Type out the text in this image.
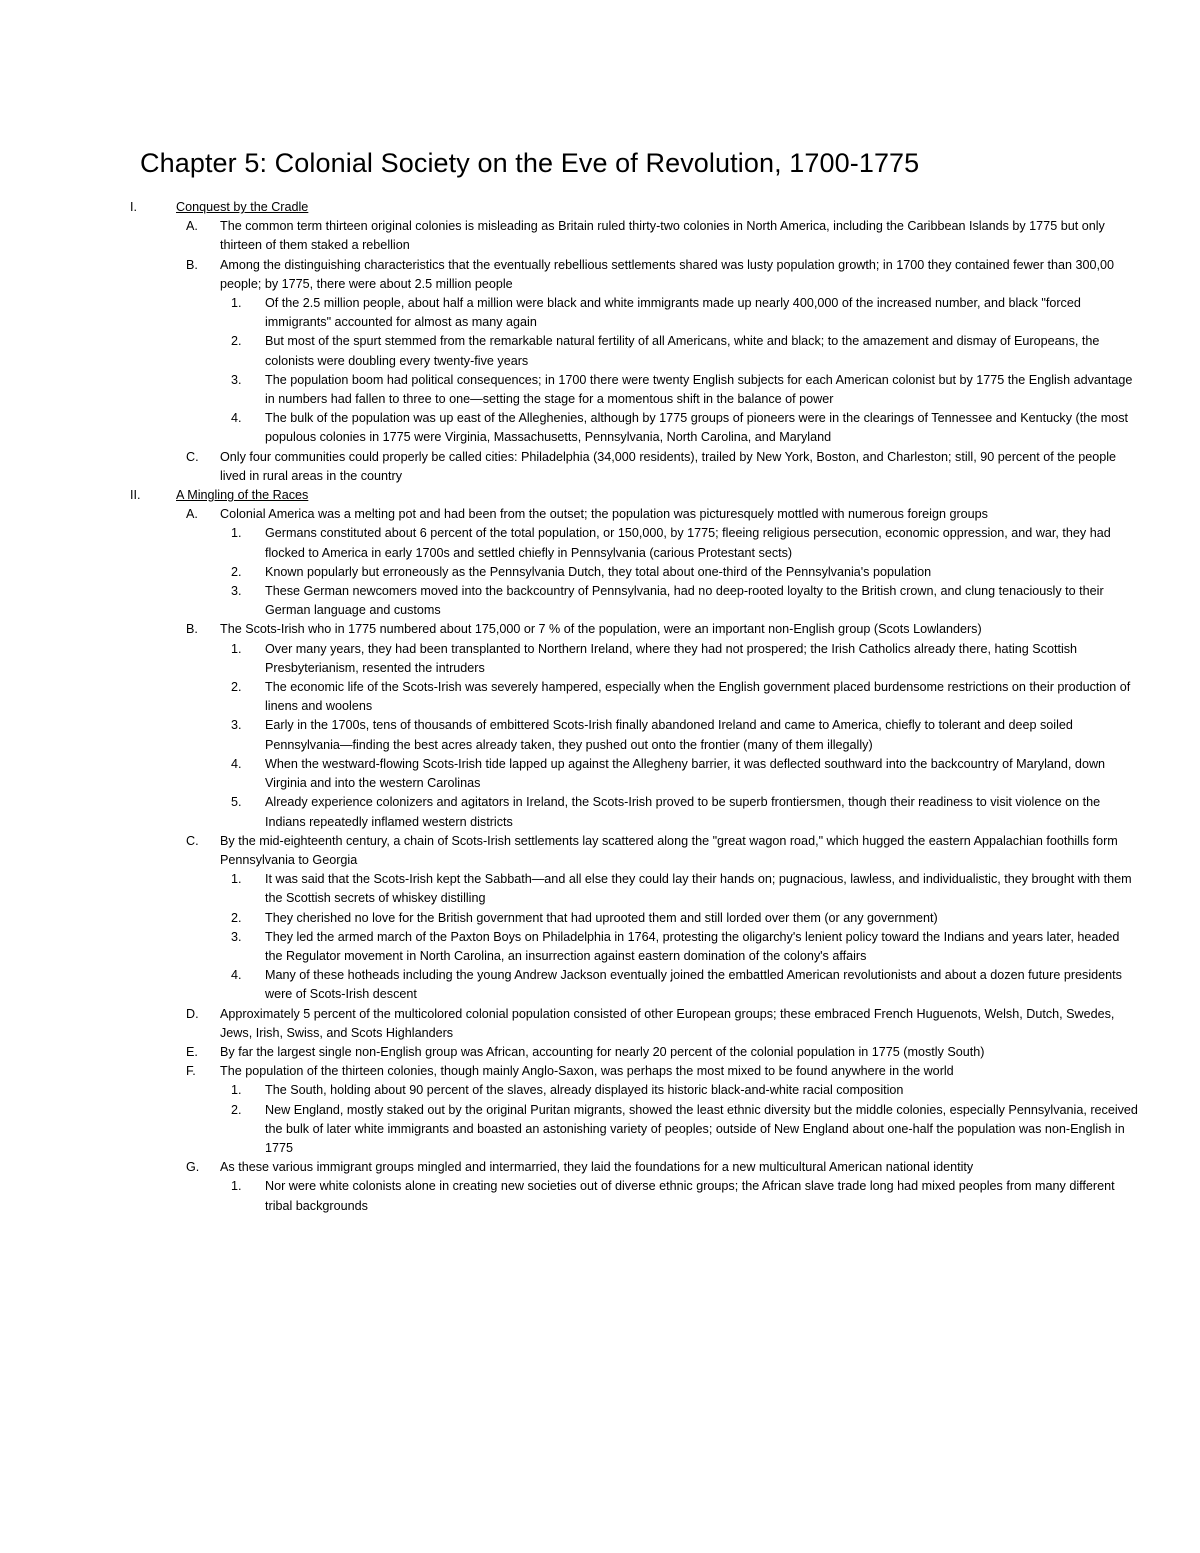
Chapter 5: Colonial Society on the Eve of Revolution, 1700-1775
I.	Conquest by the Cradle
A. The common term thirteen original colonies is misleading as Britain ruled thirty-two colonies in North America, including the Caribbean Islands by 1775 but only thirteen of them staked a rebellion
B. Among the distinguishing characteristics that the eventually rebellious settlements shared was lusty population growth; in 1700 they contained fewer than 300,00 people; by 1775, there were about 2.5 million people
1. Of the 2.5 million people, about half a million were black and white immigrants made up nearly 400,000 of the increased number, and black "forced immigrants" accounted for almost as many again
2. But most of the spurt stemmed from the remarkable natural fertility of all Americans, white and black; to the amazement and dismay of Europeans, the colonists were doubling every twenty-five years
3. The population boom had political consequences; in 1700 there were twenty English subjects for each American colonist but by 1775 the English advantage in numbers had fallen to three to one—setting the stage for a momentous shift in the balance of power
4. The bulk of the population was up east of the Alleghenies, although by 1775 groups of pioneers were in the clearings of Tennessee and Kentucky (the most populous colonies in 1775 were Virginia, Massachusetts, Pennsylvania, North Carolina, and Maryland
C. Only four communities could properly be called cities: Philadelphia (34,000 residents), trailed by New York, Boston, and Charleston; still, 90 percent of the people lived in rural areas in the country
II.	A Mingling of the Races
A. Colonial America was a melting pot and had been from the outset; the population was picturesquely mottled with numerous foreign groups
1. Germans constituted about 6 percent of the total population, or 150,000, by 1775; fleeing religious persecution, economic oppression, and war, they had flocked to America in early 1700s and settled chiefly in Pennsylvania (carious Protestant sects)
2. Known popularly but erroneously as the Pennsylvania Dutch, they total about one-third of the Pennsylvania's population
3. These German newcomers moved into the backcountry of Pennsylvania, had no deep-rooted loyalty to the British crown, and clung tenaciously to their German language and customs
B. The Scots-Irish who in 1775 numbered about 175,000 or 7 % of the population, were an important non-English group (Scots Lowlanders)
1. Over many years, they had been transplanted to Northern Ireland, where they had not prospered; the Irish Catholics already there, hating Scottish Presbyterianism, resented the intruders
2. The economic life of the Scots-Irish was severely hampered, especially when the English government placed burdensome restrictions on their production of linens and woolens
3. Early in the 1700s, tens of thousands of embittered Scots-Irish finally abandoned Ireland and came to America, chiefly to tolerant and deep soiled Pennsylvania—finding the best acres already taken, they pushed out onto the frontier (many of them illegally)
4. When the westward-flowing Scots-Irish tide lapped up against the Allegheny barrier, it was deflected southward into the backcountry of Maryland, down Virginia and into the western Carolinas
5. Already experience colonizers and agitators in Ireland, the Scots-Irish proved to be superb frontiersmen, though their readiness to visit violence on the Indians repeatedly inflamed western districts
C. By the mid-eighteenth century, a chain of Scots-Irish settlements lay scattered along the "great wagon road," which hugged the eastern Appalachian foothills form Pennsylvania to Georgia
1. It was said that the Scots-Irish kept the Sabbath—and all else they could lay their hands on; pugnacious, lawless, and individualistic, they brought with them the Scottish secrets of whiskey distilling
2. They cherished no love for the British government that had uprooted them and still lorded over them (or any government)
3. They led the armed march of the Paxton Boys on Philadelphia in 1764, protesting the oligarchy's lenient policy toward the Indians and years later, headed the Regulator movement in North Carolina, an insurrection against eastern domination of the colony's affairs
4. Many of these hotheads including the young Andrew Jackson eventually joined the embattled American revolutionists and about a dozen future presidents were of Scots-Irish descent
D. Approximately 5 percent of the multicolored colonial population consisted of other European groups; these embraced French Huguenots, Welsh, Dutch, Swedes, Jews, Irish, Swiss, and Scots Highlanders
E. By far the largest single non-English group was African, accounting for nearly 20 percent of the colonial population in 1775 (mostly South)
F. The population of the thirteen colonies, though mainly Anglo-Saxon, was perhaps the most mixed to be found anywhere in the world
1. The South, holding about 90 percent of the slaves, already displayed its historic black-and-white racial composition
2. New England, mostly staked out by the original Puritan migrants, showed the least ethnic diversity but the middle colonies, especially Pennsylvania, received the bulk of later white immigrants and boasted an astonishing variety of peoples; outside of New England about one-half the population was non-English in 1775
G. As these various immigrant groups mingled and intermarried, they laid the foundations for a new multicultural American national identity
1. Nor were white colonists alone in creating new societies out of diverse ethnic groups; the African slave trade long had mixed peoples from many different tribal backgrounds
